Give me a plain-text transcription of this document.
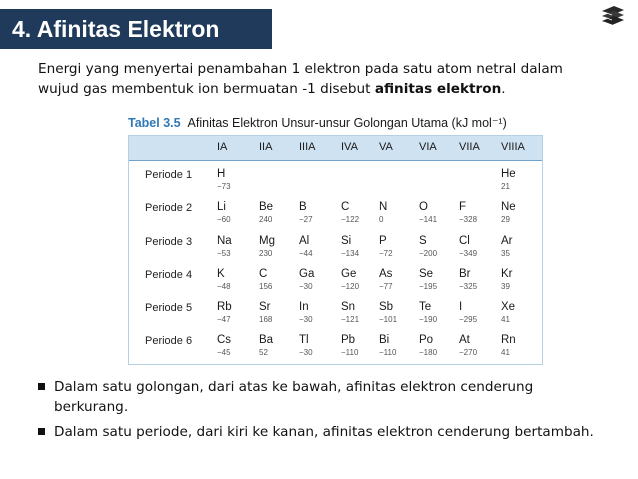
4. Afinitas Elektron
Energi yang menyertai penambahan 1 elektron pada satu atom netral dalam wujud gas membentuk ion bermuatan -1 disebut afinitas elektron.
Tabel 3.5 Afinitas Elektron Unsur-unsur Golongan Utama (kJ mol⁻¹)
IA	IIA IIIA IVA VA VIA VIIA VIIIA
Periode 1 H
−73
He
21
Periode 2 Li
−60
Be
240
B
−27
C
−122
N
0
O
−141
F
−328
Ne
29
Periode 3 Na
−53
Mg
230
Al
−44
Si
−134
P
−72
S
−200
Cl
−349
Ar
35
Periode 4 K
−48
C
156
Ga
−30
Ge
−120
As
−77
Se
−195
Br
−325
Kr
39
Periode 5 Rb
−47
Sr
168
In
−30
Sn
−121
Sb
−101
Te
−190
I
−295
Xe
41
Periode 6 Cs
−45
Ba
52
Tl
−30
Pb
−110
Bi
−110
Po
−180
At
−270
Rn
41
Dalam satu golongan, dari atas ke bawah, afinitas elektron cenderung berkurang.
Dalam satu periode, dari kiri ke kanan, afinitas elektron cenderung bertambah.
